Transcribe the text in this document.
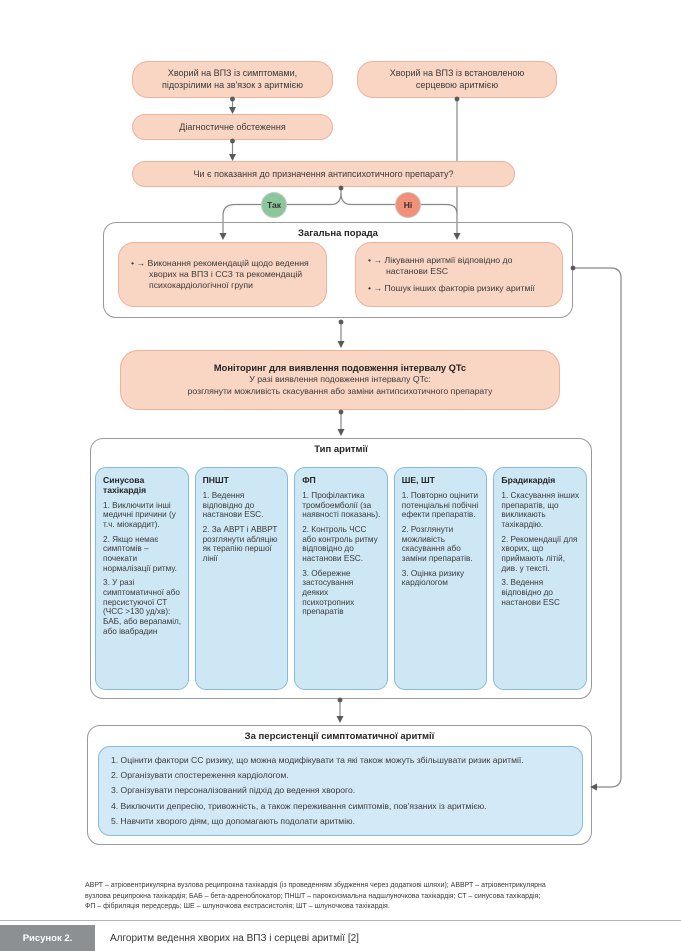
Хворий на ВПЗ із симптомами, підозрілими на зв'язок з аритмією
Хворий на ВПЗ із встановленою серцевою аритмією
Діагностичне обстеження
Чи є показання до призначення антипсихотичного препарату?
Так	Ні
Загальна порада
• → Виконання рекомендацій щодо ведення хворих на ВПЗ і ССЗ та рекомендацій психокардіологічної групи
• → Лікування аритмії відповідно до настанови ESC
• → Пошук інших факторів ризику аритмії
Моніторинг для виявлення подовження інтервалу QTc
У разі виявлення подовження інтервалу QTc:
розглянути можливість скасування або заміни антипсихотичного препарату
Тип аритмії
Синусова тахікардія
1. Виключити інші медичні причини (у т.ч. міокардит).
2. Якщо немає симптомів – почекати нормалізації ритму.
3. У разі симптоматичної або персистуючої СТ (ЧСС >130 уд/хв): БАБ, або верапаміл, або івабрадин
ПНШТ
1. Ведення відповідно до настанови ESC.
2. За АВРТ і АВВРТ розглянути абляцію як терапію першої лінії
ФП
1. Профілактика тромбоемболії (за наявності показань).
2. Контроль ЧСС або контроль ритму відповідно до настанови ESC.
3. Обережне застосування деяких психотропних препаратів
ШЕ, ШТ
1. Повторно оцінити потенціальні побічні ефекти препаратів.
2. Розглянути можливість скасування або заміни препаратів.
3. Оцінка ризику кардіологом
Брадикардія
1. Скасування інших препаратів, що викликають тахікардію.
2. Рекомендації для хворих, що приймають літій, див. у тексті.
3. Ведення відповідно до настанови ESC
За персистенції симптоматичної аритмії
1. Оцінити фактори СС ризику, що можна модифікувати та які також можуть збільшувати ризик аритмії.
2. Організувати спостереження кардіологом.
3. Організувати персоналізований підхід до ведення хворого.
4. Виключити депресію, тривожність, а також переживання симптомів, пов'язаних із аритмією.
5. Навчити хворого діям, що допомагають подолати аритмію.
АВРТ – атріовентрикулярна вузлова реципрокна тахікардія (із проведенням збудження через додаткові шляхи); АВВРТ – атріовентрикулярна
вузлова реципрокна тахікардія; БАБ – бета-адреноблокатор; ПНШТ – пароксизмальна надшлуночкова тахікардія; СТ – синусова тахікардія;
ФП – фібриляція передсердь; ШЕ – шлуночкова екстрасистолія; ШТ – шлуночкова тахікардія.
Рисунок 2.	Алгоритм ведення хворих на ВПЗ і серцеві аритмії [2]
